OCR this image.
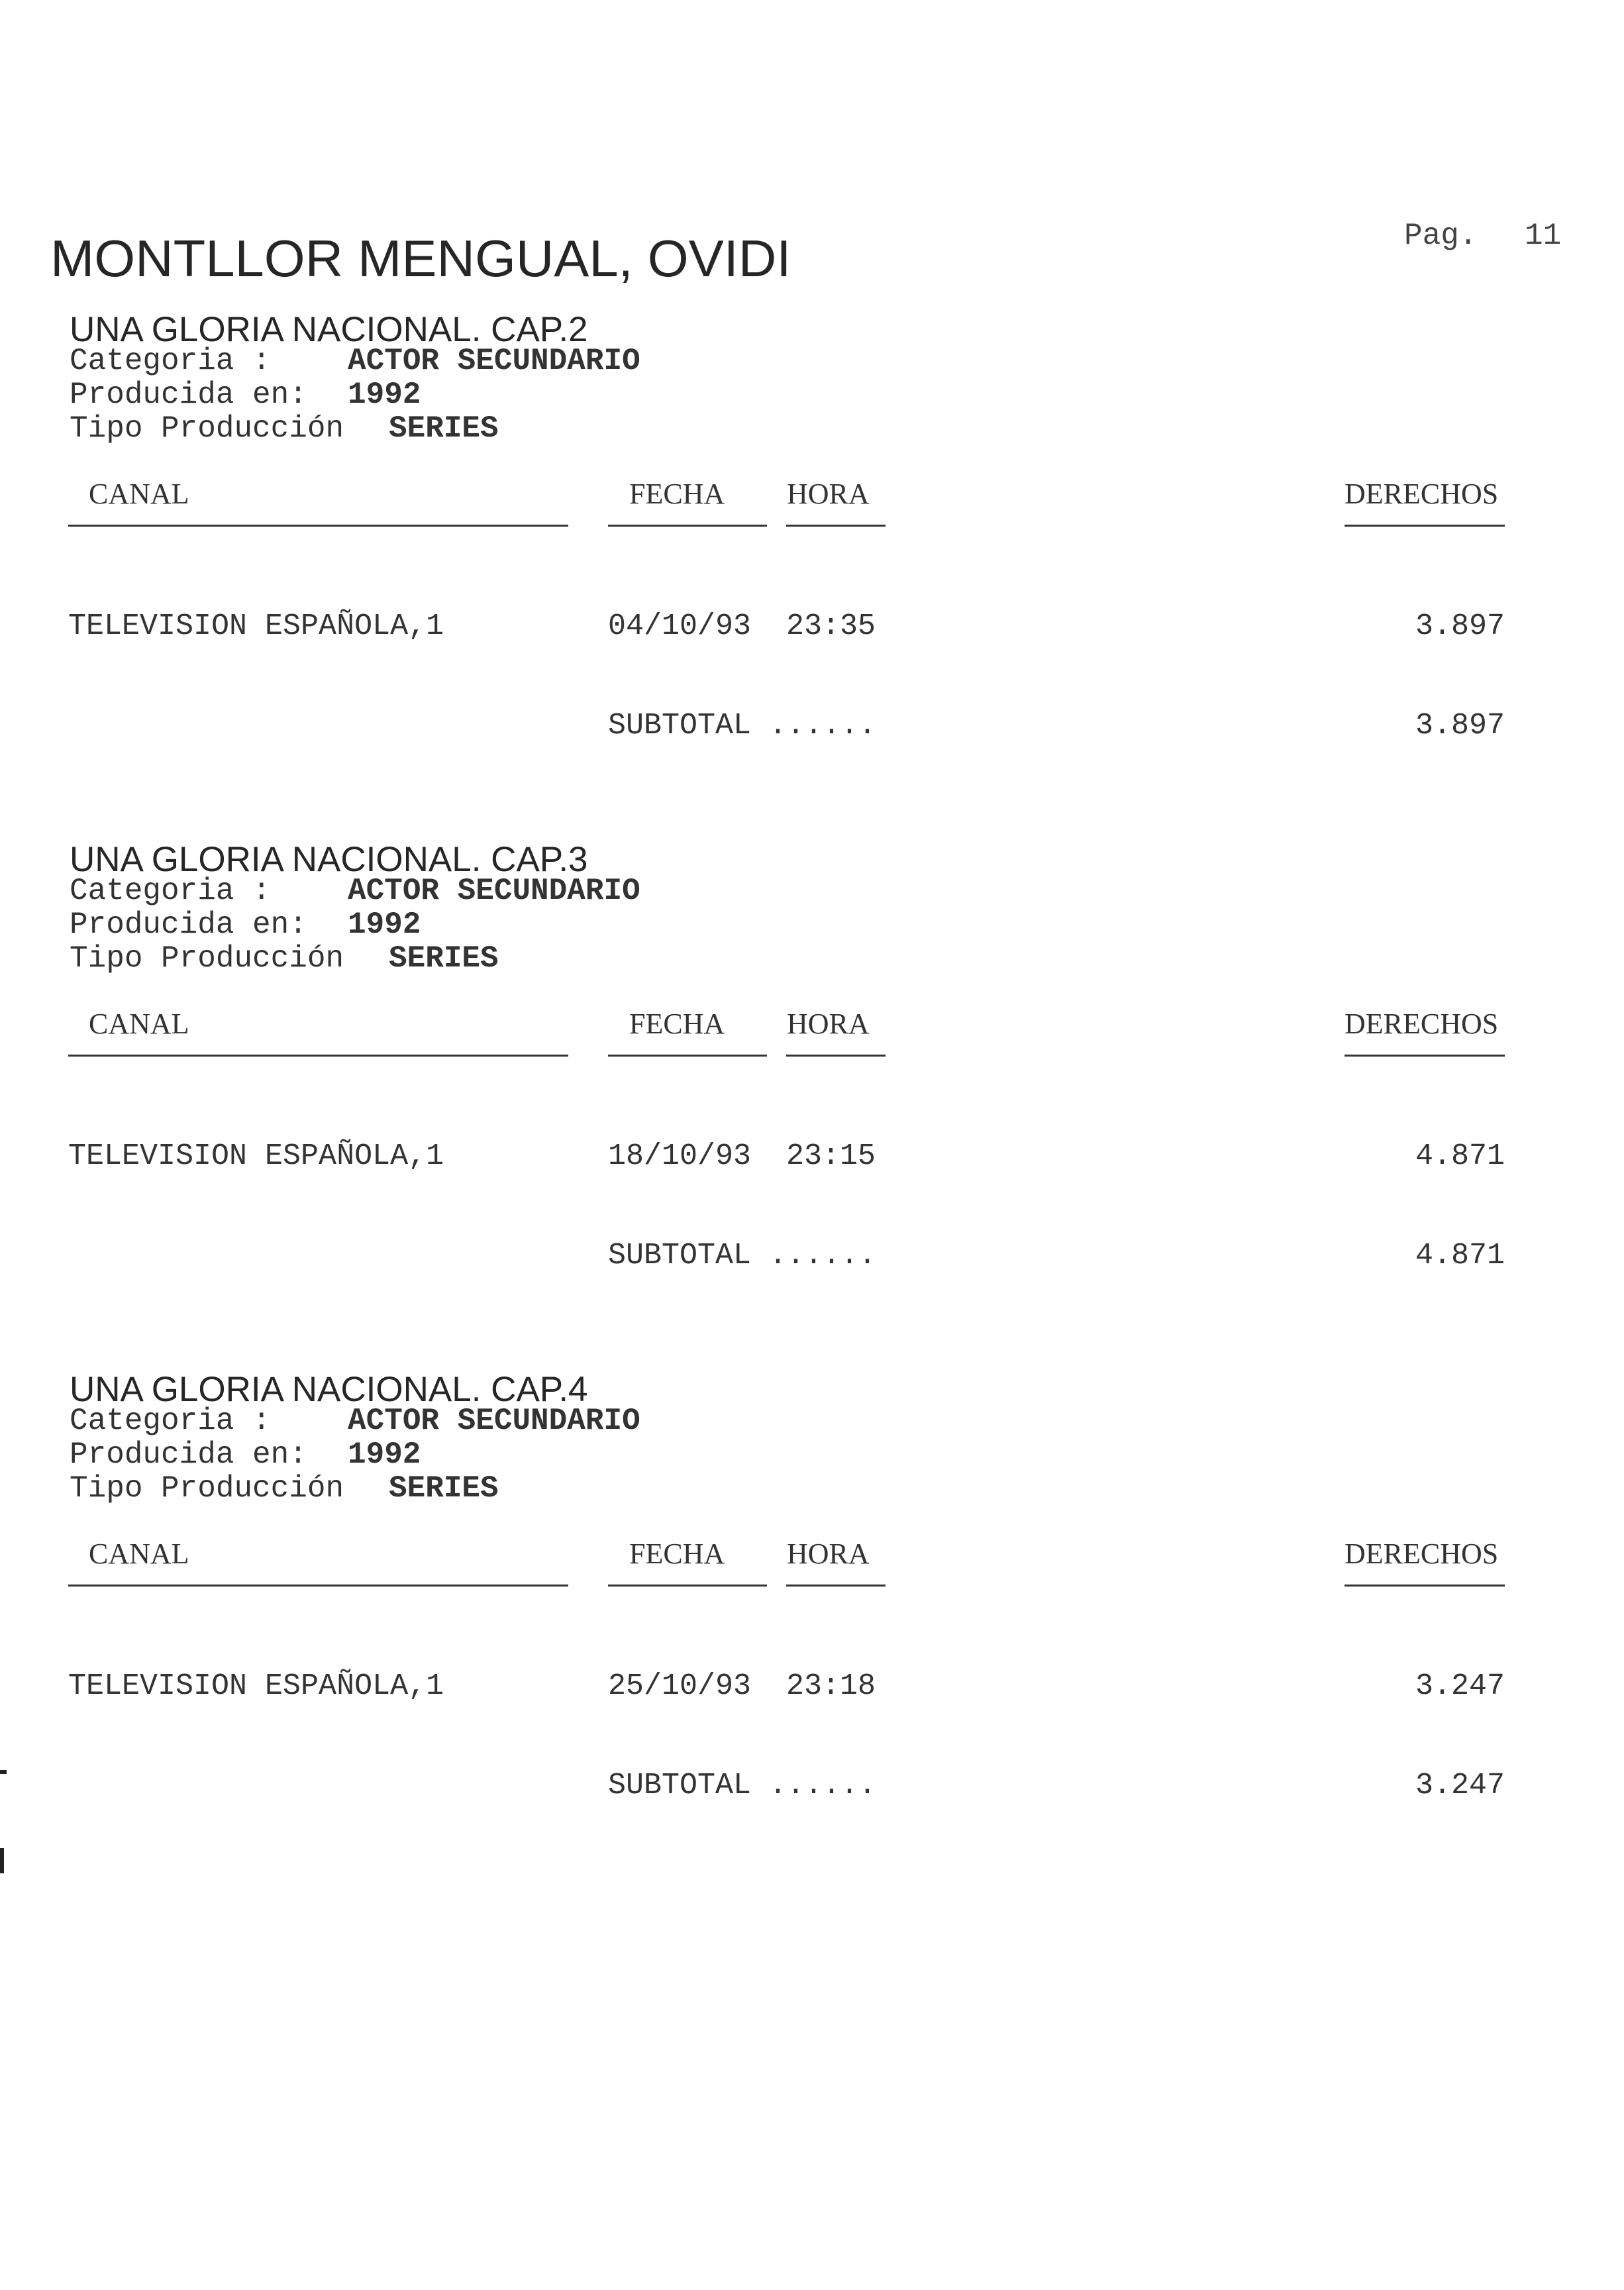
MONTLLOR MENGUAL, OVIDI	Pag. 11
UNA GLORIA NACIONAL. CAP.2
Categoria :	ACTOR SECUNDARIO
Producida en: 1992
Tipo Producción SERIES
CANAL	FECHA HORA	DERECHOS
TELEVISION ESPAÑOLA,1	04/10/93 23:35	3.897
SUBTOTAL ......	3.897
UNA GLORIA NACIONAL. CAP.3
Categoria :	ACTOR SECUNDARIO
Producida en: 1992
Tipo Producción SERIES
CANAL	FECHA HORA	DERECHOS
TELEVISION ESPAÑOLA,1	18/10/93 23:15	4.871
SUBTOTAL ......	4.871
UNA GLORIA NACIONAL. CAP.4
Categoria :	ACTOR SECUNDARIO
Producida en: 1992
Tipo Producción SERIES
CANAL	FECHA HORA	DERECHOS
TELEVISION ESPAÑOLA,1	25/10/93 23:18	3.247
SUBTOTAL ......	3.247
